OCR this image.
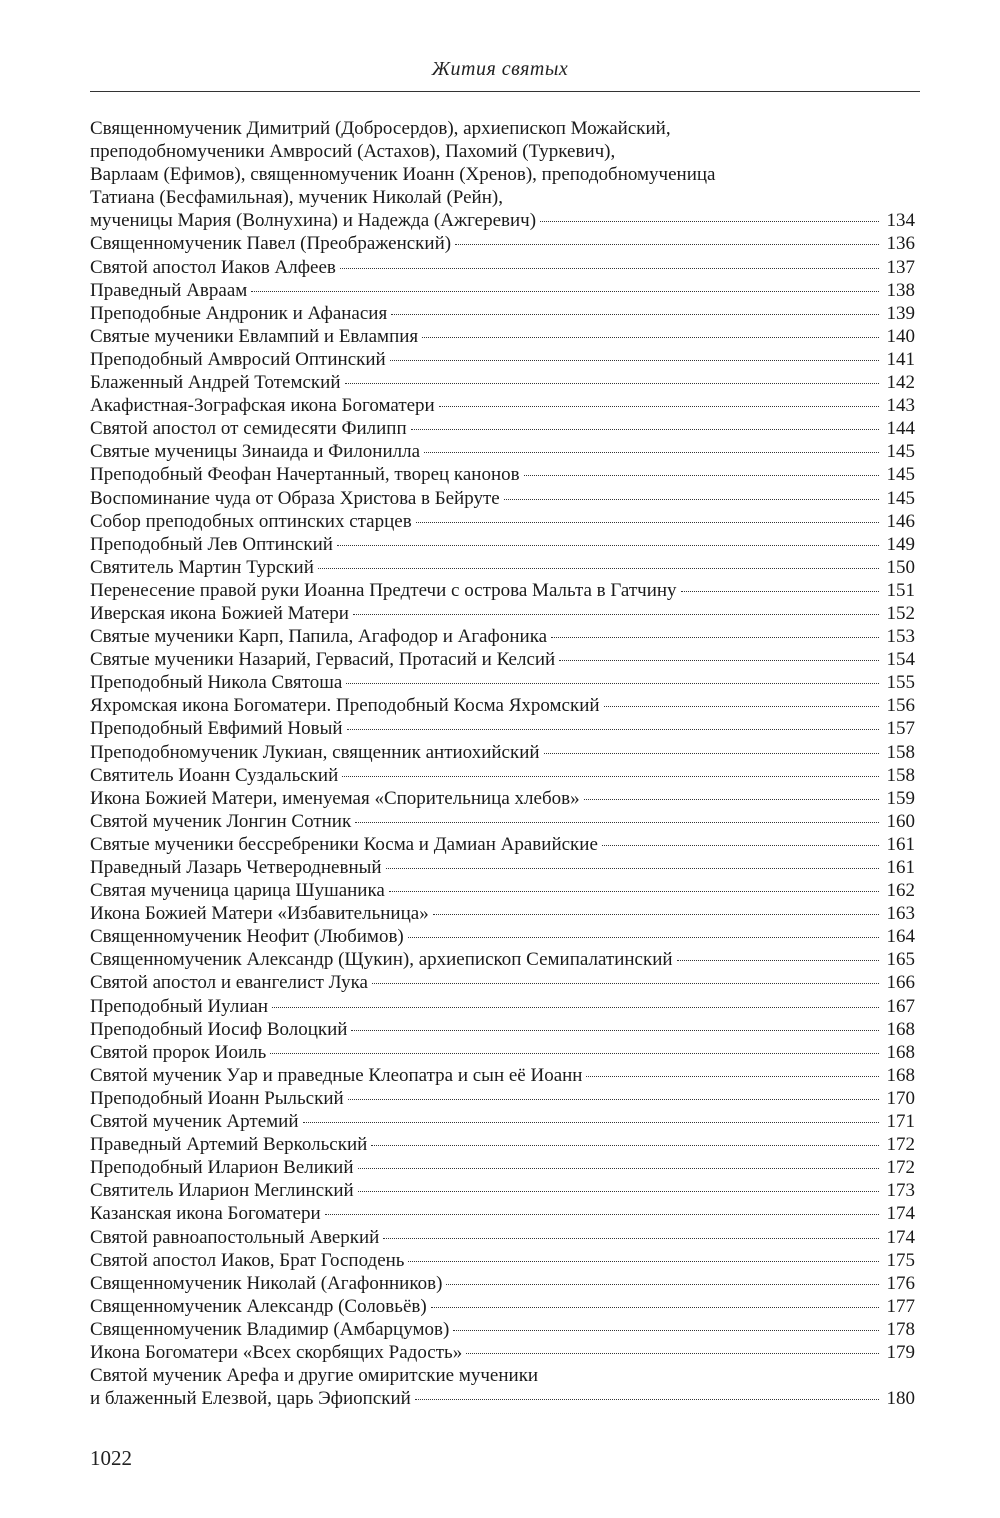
Жития святых
Священномученик Димитрий (Добросердов), архиепископ Можайский,
преподобномученики Амвросий (Астахов), Пахомий (Туркевич),
Варлаам (Ефимов), священномученик Иоанн (Хренов), преподобномученица
Татиана (Бесфамильная), мученик Николай (Рейн),
мученицы Мария (Волнухина) и Надежда (Ажгеревич)	134
Священномученик Павел (Преображенский)	136
Святой апостол Иаков Алфеев	137
Праведный Авраам	138
Преподобные Андроник и Афанасия	139
Святые мученики Евлампий и Евлампия	140
Преподобный Амвросий Оптинский	141
Блаженный Андрей Тотемский	142
Акафистная-Зографская икона Богоматери	143
Святой апостол от семидесяти Филипп	144
Святые мученицы Зинаида и Филонилла	145
Преподобный Феофан Начертанный, творец канонов	145
Воспоминание чуда от Образа Христова в Бейруте	145
Собор преподобных оптинских старцев	146
Преподобный Лев Оптинский	149
Святитель Мартин Турский	150
Перенесение правой руки Иоанна Предтечи с острова Мальта в Гатчину	151
Иверская икона Божией Матери	152
Святые мученики Карп, Папила, Агафодор и Агафоника	153
Святые мученики Назарий, Гервасий, Протасий и Келсий	154
Преподобный Никола Святоша	155
Яхромская икона Богоматери. Преподобный Косма Яхромский	156
Преподобный Евфимий Новый	157
Преподобномученик Лукиан, священник антиохийский	158
Святитель Иоанн Суздальский	158
Икона Божией Матери, именуемая «Спорительница хлебов»	159
Святой мученик Лонгин Сотник	160
Святые мученики бессребреники Косма и Дамиан Аравийские	161
Праведный Лазарь Четверодневный	161
Святая мученица царица Шушаника	162
Икона Божией Матери «Избавительница»	163
Священномученик Неофит (Любимов)	164
Священномученик Александр (Щукин), архиепископ Семипалатинский	165
Святой апостол и евангелист Лука	166
Преподобный Иулиан	167
Преподобный Иосиф Волоцкий	168
Святой пророк Иоиль	168
Святой мученик Уар и праведные Клеопатра и сын её Иоанн	168
Преподобный Иоанн Рыльский	170
Святой мученик Артемий	171
Праведный Артемий Веркольский	172
Преподобный Иларион Великий	172
Святитель Иларион Меглинский	173
Казанская икона Богоматери	174
Святой равноапостольный Аверкий	174
Святой апостол Иаков, Брат Господень	175
Священномученик Николай (Агафонников)	176
Священномученик Александр (Соловьёв)	177
Священномученик Владимир (Амбарцумов)	178
Икона Богоматери «Всех скорбящих Радость»	179
Святой мученик Арефа и другие омиритские мученики
и блаженный Елезвой, царь Эфиопский	180
1022
